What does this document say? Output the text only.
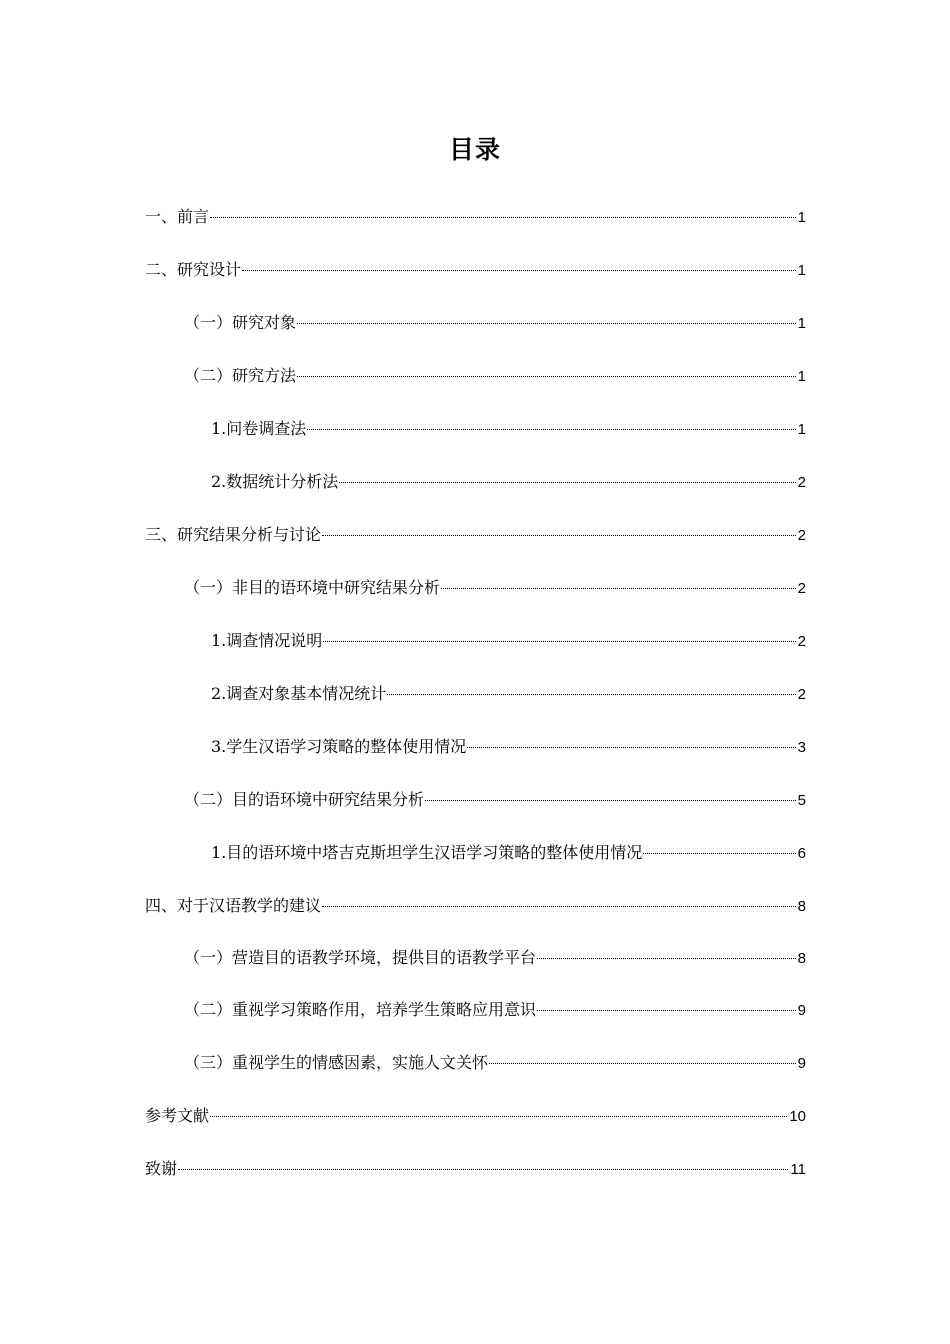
目录
一、前言	1
二、研究设计	1
（一）研究对象	1
（二）研究方法	1
1.问卷调查法	1
2.数据统计分析法	2
三、研究结果分析与讨论	2
（一）非目的语环境中研究结果分析	2
1.调查情况说明	2
2.调查对象基本情况统计	2
3.学生汉语学习策略的整体使用情况	3
（二）目的语环境中研究结果分析	5
1.目的语环境中塔吉克斯坦学生汉语学习策略的整体使用情况	6
四、对于汉语教学的建议	8
（一）营造目的语教学环境，提供目的语教学平台	8
（二）重视学习策略作用，培养学生策略应用意识	9
（三）重视学生的情感因素，实施人文关怀	9
参考文献	10
致谢	11
